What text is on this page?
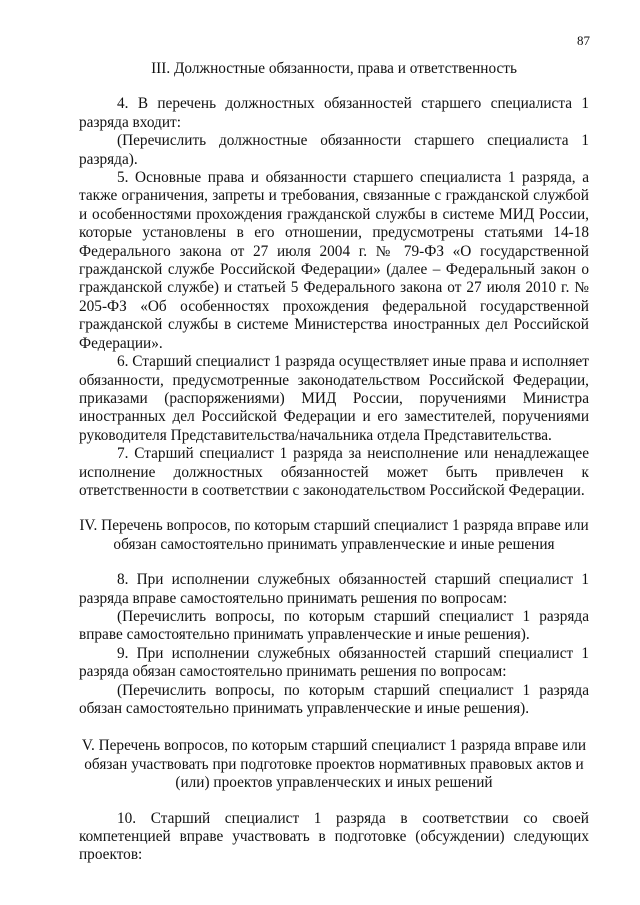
87
III. Должностные обязанности, права и ответственность

4. В перечень должностных обязанностей старшего специалиста 1 разряда входит:

(Перечислить должностные обязанности старшего специалиста 1 разряда).

5. Основные права и обязанности старшего специалиста 1 разряда, а также ограничения, запреты и требования, связанные с гражданской службой и особенностями прохождения гражданской службы в системе МИД России, которые установлены в его отношении, предусмотрены статьями 14-18 Федерального закона от 27 июля 2004 г. № 79-ФЗ «О государственной гражданской службе Российской Федерации» (далее – Федеральный закон о гражданской службе) и статьей 5 Федерального закона от 27 июля 2010 г. № 205-ФЗ «Об особенностях прохождения федеральной государственной гражданской службы в системе Министерства иностранных дел Российской Федерации».

6. Старший специалист 1 разряда осуществляет иные права и исполняет обязанности, предусмотренные законодательством Российской Федерации, приказами (распоряжениями) МИД России, поручениями Министра иностранных дел Российской Федерации и его заместителей, поручениями руководителя Представительства/начальника отдела Представительства.

7. Старший специалист 1 разряда за неисполнение или ненадлежащее исполнение должностных обязанностей может быть привлечен к ответственности в соответствии с законодательством Российской Федерации.

IV. Перечень вопросов, по которым старший специалист 1 разряда вправе или обязан самостоятельно принимать управленческие и иные решения

8. При исполнении служебных обязанностей старший специалист 1 разряда вправе самостоятельно принимать решения по вопросам:

(Перечислить вопросы, по которым старший специалист 1 разряда вправе самостоятельно принимать управленческие и иные решения).

9. При исполнении служебных обязанностей старший специалист 1 разряда обязан самостоятельно принимать решения по вопросам:

(Перечислить вопросы, по которым старший специалист 1 разряда обязан самостоятельно принимать управленческие и иные решения).

V. Перечень вопросов, по которым старший специалист 1 разряда вправе или обязан участвовать при подготовке проектов нормативных правовых актов и (или) проектов управленческих и иных решений

10. Старший специалист 1 разряда в соответствии со своей компетенцией вправе участвовать в подготовке (обсуждении) следующих проектов:
